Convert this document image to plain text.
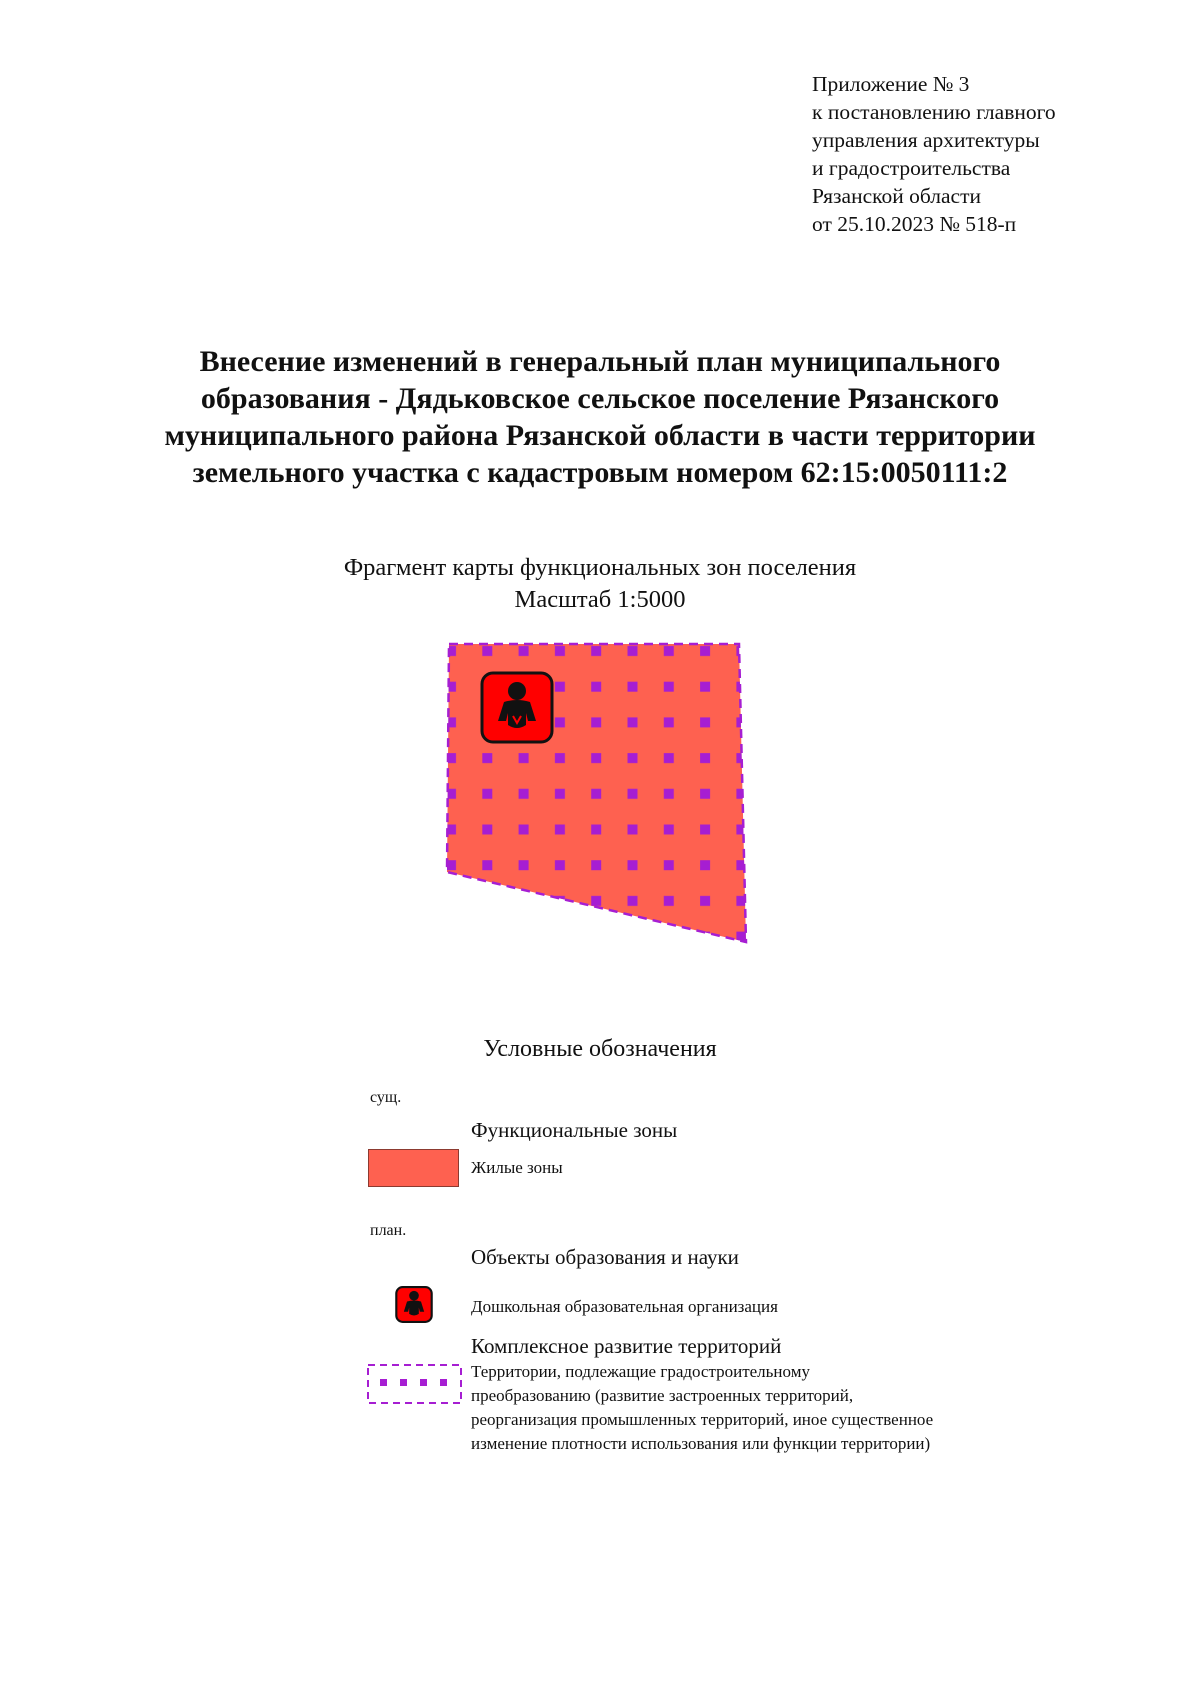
Приложение № 3
к постановлению главного
управления архитектуры
и градостроительства
Рязанской области
от 25.10.2023 № 518-п
Внесение изменений в генеральный план муниципального
образования - Дядьковское сельское поселение Рязанского
муниципального района Рязанской области в части территории
земельного участка с кадастровым номером 62:15:0050111:2
Фрагмент карты функциональных зон поселения
Масштаб 1:5000
Условные обозначения
сущ.
Функциональные зоны
Жилые зоны
план.
Объекты образования и науки
Дошкольная образовательная организация
Комплексное развитие территорий
Территории, подлежащие градостроительному
преобразованию (развитие застроенных территорий,
реорганизация промышленных территорий, иное существенное
изменение плотности использования или функции территории)
